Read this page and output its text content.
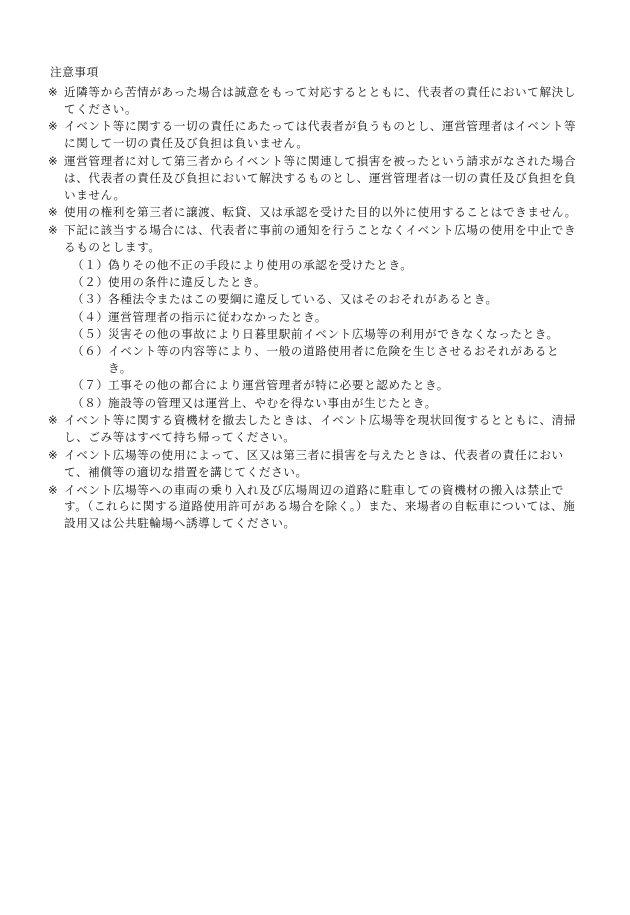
注意事項
※ 近隣等から苦情があった場合は誠意をもって対応するとともに、代表者の責任において解決してください。
※ イベント等に関する一切の責任にあたっては代表者が負うものとし、運営管理者はイベント等に関して一切の責任及び負担は負いません。
※ 運営管理者に対して第三者からイベント等に関連して損害を被ったという請求がなされた場合は、代表者の責任及び負担において解決するものとし、運営管理者は一切の責任及び負担を負いません。
※ 使用の権利を第三者に譲渡、転貸、又は承認を受けた目的以外に使用することはできません。
※ 下記に該当する場合には、代表者に事前の通知を行うことなくイベント広場の使用を中止できるものとします。
（１） 偽りその他不正の手段により使用の承認を受けたとき。
（２） 使用の条件に違反したとき。
（３） 各種法令またはこの要綱に違反している、又はそのおそれがあるとき。
（４） 運営管理者の指示に従わなかったとき。
（５） 災害その他の事故により日暮里駅前イベント広場等の利用ができなくなったとき。
（６） イベント等の内容等により、一般の道路使用者に危険を生じさせるおそれがあるとき。
（７） 工事その他の都合により運営管理者が特に必要と認めたとき。
（８） 施設等の管理又は運営上、やむを得ない事由が生じたとき。
※ イベント等に関する資機材を撤去したときは、イベント広場等を現状回復するとともに、清掃し、ごみ等はすべて持ち帰ってください。
※ イベント広場等の使用によって、区又は第三者に損害を与えたときは、代表者の責任において、補償等の適切な措置を講じてください。
※ イベント広場等への車両の乗り入れ及び広場周辺の道路に駐車しての資機材の搬入は禁止です。（これらに関する道路使用許可がある場合を除く。）また、来場者の自転車については、施設用又は公共駐輪場へ誘導してください。
